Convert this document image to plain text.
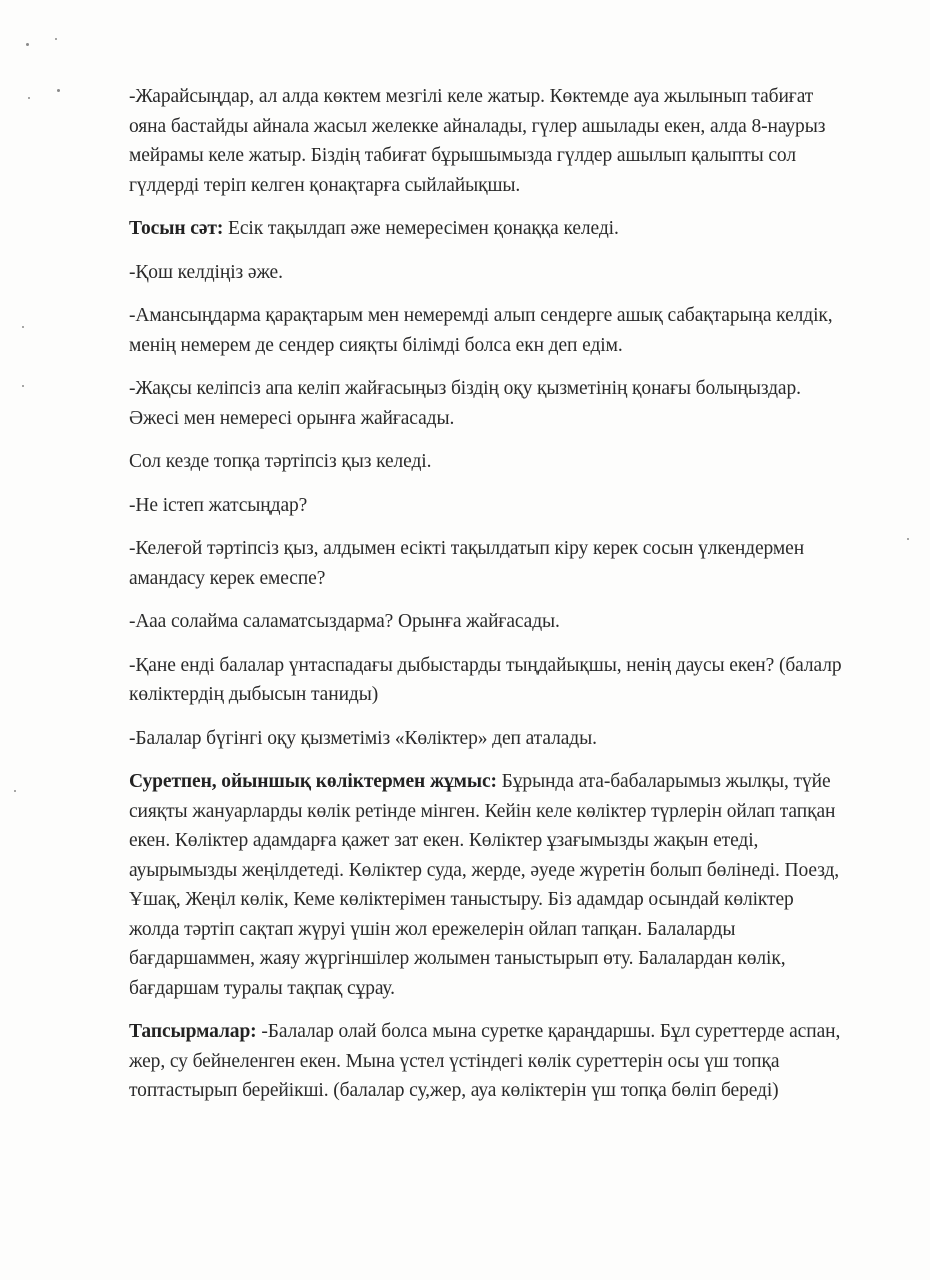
-Жарайсыңдар, ал алда көктем мезгілі келе жатыр. Көктемде ауа жылынып табиғат ояна бастайды айнала жасыл желекке айналады, гүлер ашылады екен, алда 8-наурыз мейрамы келе жатыр. Біздің табиғат бұрышымызда гүлдер ашылып қалыпты сол гүлдерді теріп келген қонақтарға сыйлайықшы.

Тосын сәт: Есік тақылдап әже немересімен қонаққа келеді.

-Қош келдіңіз әже.

-Амансыңдарма қарақтарым мен немеремді алып сендерге ашық сабақтарыңа келдік, менің немерем де сендер сияқты білімді болса екн деп едім.

-Жақсы келіпсіз апа келіп жайғасыңыз біздің оқу қызметінің қонағы болыңыздар. Әжесі мен немересі орынға жайғасады.

Сол кезде топқа тәртіпсіз қыз келеді.

-Не істеп жатсыңдар?

-Келеғой тәртіпсіз қыз, алдымен есікті тақылдатып кіру керек сосын үлкендермен амандасу керек емеспе?

-Ааа солайма саламатсыздарма? Орынға жайғасады.

-Қане енді балалар үнтаспадағы дыбыстарды тыңдайықшы, ненің даусы екен? (балалр көліктердің дыбысын таниды)

-Балалар бүгінгі оқу қызметіміз «Көліктер» деп аталады.

Суретпен, ойыншық көліктермен жұмыс: Бұрында ата-бабаларымыз жылқы, түйе сияқты жануарларды көлік ретінде мінген. Кейін келе көліктер түрлерін ойлап тапқан екен. Көліктер адамдарға қажет зат екен. Көліктер ұзағымызды жақын етеді, ауырымызды жеңілдетеді. Көліктер суда, жерде, әуеде жүретін болып бөлінеді. Поезд, Ұшақ, Жеңіл көлік, Кеме көліктерімен таныстыру. Біз адамдар осындай көліктер жолда тәртіп сақтап жүруі үшін жол ережелерін ойлап тапқан. Балаларды бағдаршаммен, жаяу жүргіншілер жолымен таныстырып өту. Балалардан көлік, бағдаршам туралы тақпақ сұрау.

Тапсырмалар: -Балалар олай болса мына суретке қараңдаршы. Бұл суреттерде аспан, жер, су бейнеленген екен. Мына үстел үстіндегі көлік суреттерін осы үш топқа топтастырып берейікші. (балалар су,жер, ауа көліктерін үш топқа бөліп береді)
